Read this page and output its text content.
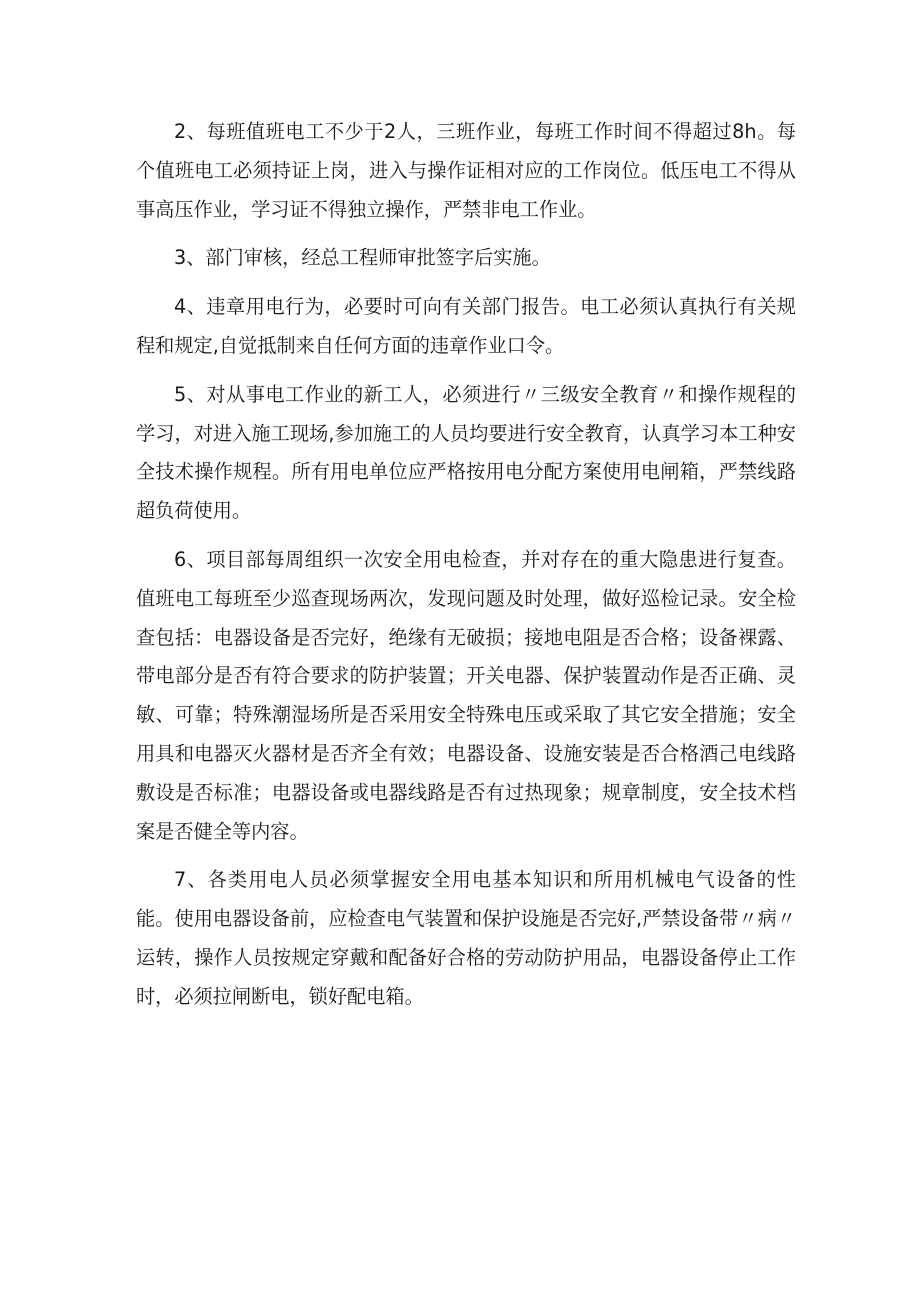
2、每班值班电工不少于2人，三班作业，每班工作时间不得超过8h。每个值班电工必须持证上岗，进入与操作证相对应的工作岗位。低压电工不得从事高压作业，学习证不得独立操作，严禁非电工作业。

3、部门审核，经总工程师审批签字后实施。

4、违章用电行为，必要时可向有关部门报告。电工必须认真执行有关规程和规定,自觉抵制来自任何方面的违章作业口令。

5、对从事电工作业的新工人，必须进行〃三级安全教育〃和操作规程的学习，对进入施工现场,参加施工的人员均要进行安全教育，认真学习本工种安全技术操作规程。所有用电单位应严格按用电分配方案使用电闸箱，严禁线路超负荷使用。

6、项目部每周组织一次安全用电检查，并对存在的重大隐患进行复查。值班电工每班至少巡查现场两次，发现问题及时处理，做好巡检记录。安全检查包括：电器设备是否完好，绝缘有无破损；接地电阻是否合格；设备裸露、带电部分是否有符合要求的防护装置；开关电器、保护装置动作是否正确、灵敏、可靠；特殊潮湿场所是否采用安全特殊电压或采取了其它安全措施；安全用具和电器灭火器材是否齐全有效；电器设备、设施安装是否合格酒己电线路敷设是否标准；电器设备或电器线路是否有过热现象；规章制度，安全技术档案是否健全等内容。

7、各类用电人员必须掌握安全用电基本知识和所用机械电气设备的性能。使用电器设备前，应检查电气装置和保护设施是否完好,严禁设备带〃病〃运转，操作人员按规定穿戴和配备好合格的劳动防护用品，电器设备停止工作时，必须拉闸断电，锁好配电箱。
